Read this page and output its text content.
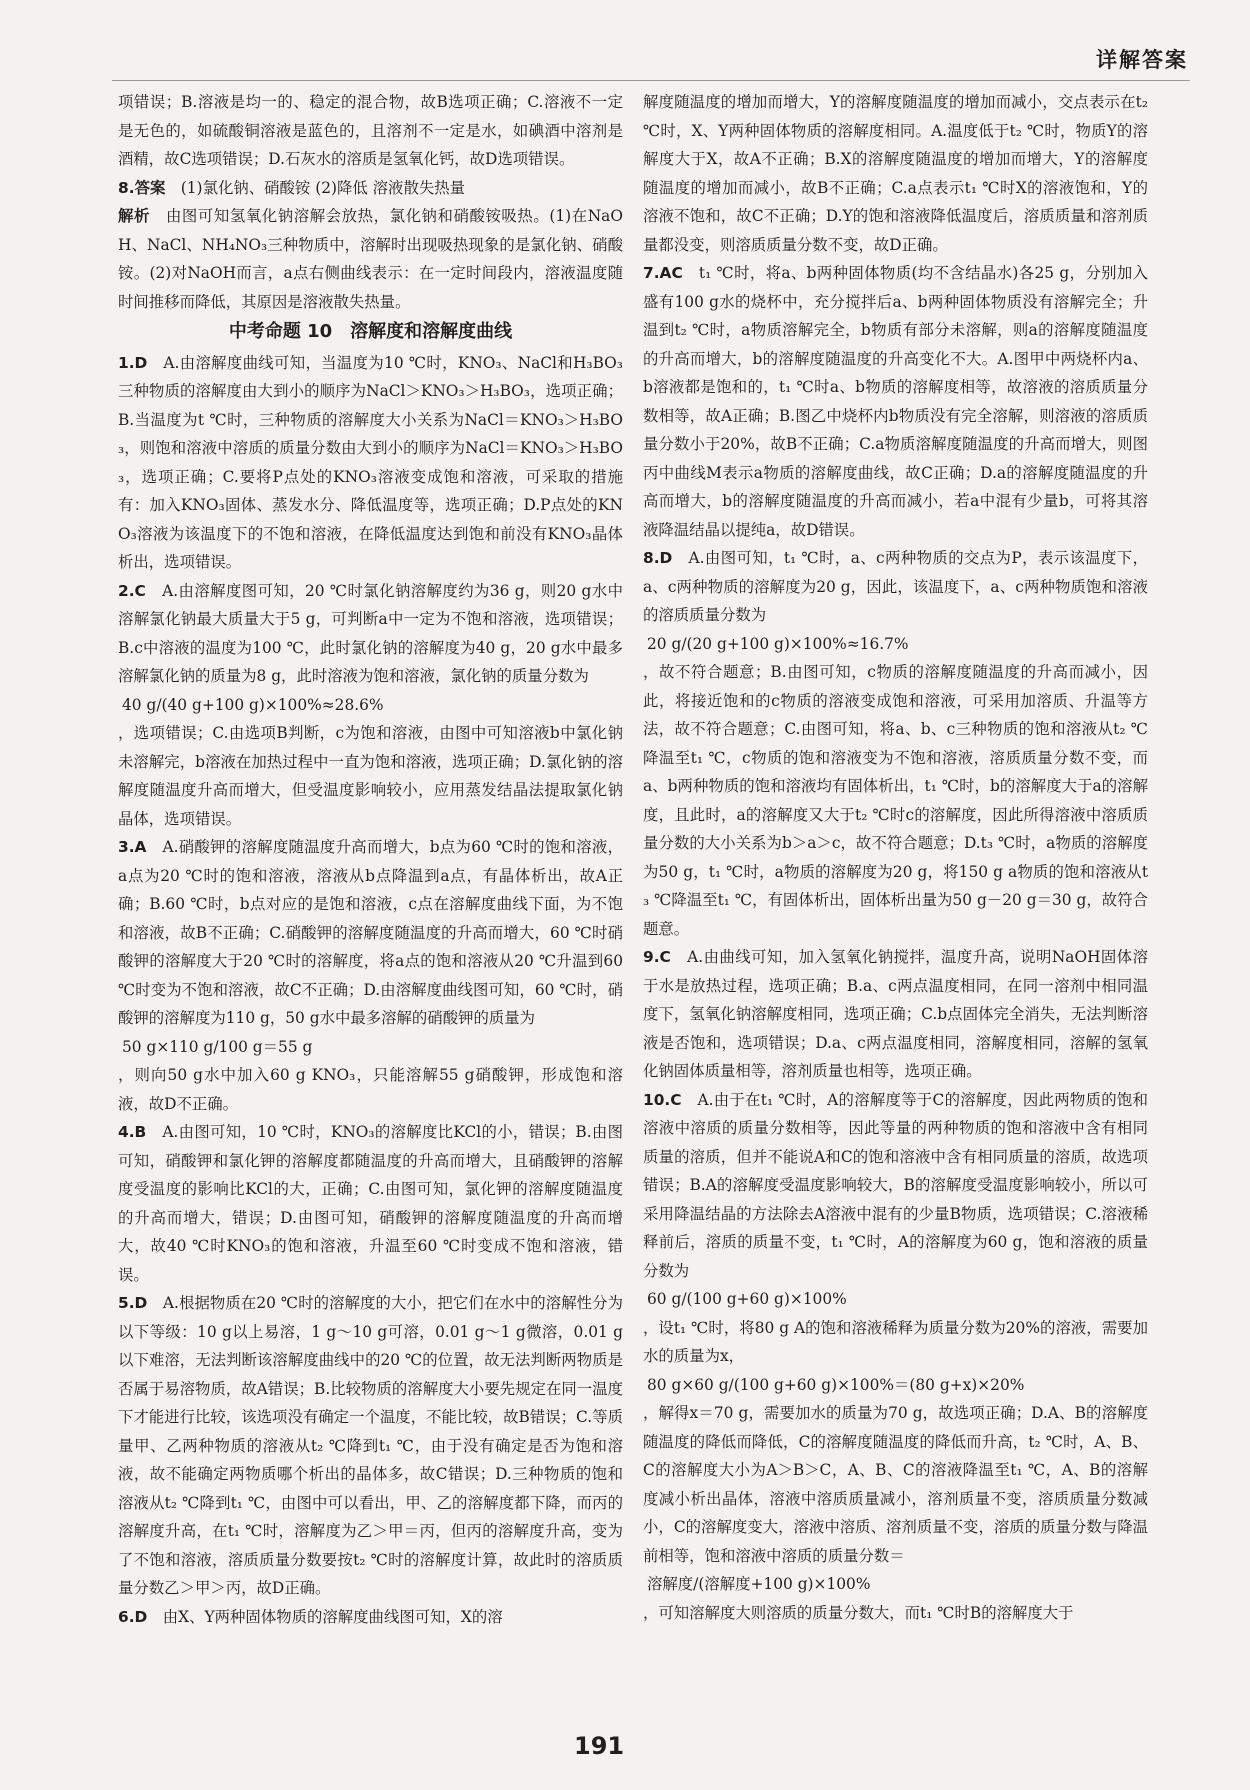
详解答案
项错误；B.溶液是均一的、稳定的混合物，故B选项正确；C.溶液不一定是无色的，如硫酸铜溶液是蓝色的，且溶剂不一定是水，如碘酒中溶剂是酒精，故C选项错误；D.石灰水的溶质是氢氧化钙，故D选项错误。
8.答案　 (1)氯化钠、硝酸铵 (2)降低 溶液散失热量
解析　 由图可知氢氧化钠溶解会放热，氯化钠和硝酸铵吸热。(1)在NaOH、NaCl、NH₄NO₃三种物质中，溶解时出现吸热现象的是氯化钠、硝酸铵。(2)对NaOH而言，a点右侧曲线表示：在一定时间段内，溶液温度随时间推移而降低，其原因是溶液散失热量。
中考命题 10　溶解度和溶解度曲线
1.D　 A.由溶解度曲线可知，当温度为10 ℃时，KNO₃、NaCl和H₃BO₃三种物质的溶解度由大到小的顺序为NaCl＞KNO₃＞H₃BO₃，选项正确；B.当温度为t ℃时，三种物质的溶解度大小关系为NaCl＝KNO₃＞H₃BO₃，则饱和溶液中溶质的质量分数由大到小的顺序为NaCl＝KNO₃＞H₃BO₃，选项正确；C.要将P点处的KNO₃溶液变成饱和溶液，可采取的措施有：加入KNO₃固体、蒸发水分、降低温度等，选项正确；D.P点处的KNO₃溶液为该温度下的不饱和溶液，在降低温度达到饱和前没有KNO₃晶体析出，选项错误。
2.C　 A.由溶解度图可知，20 ℃时氯化钠溶解度约为36 g，则20 g水中溶解氯化钠最大质量大于5 g，可判断a中一定为不饱和溶液，选项错误；B.c中溶液的温度为100 ℃，此时氯化钠的溶解度为40 g，20 g水中最多溶解氯化钠的质量为8 g，此时溶液为饱和溶液，氯化钠的质量分数为
40 g/(40 g+100 g)×100%≈28.6%
，选项错误；C.由选项B判断，c为饱和溶液，由图中可知溶液b中氯化钠未溶解完，b溶液在加热过程中一直为饱和溶液，选项正确；D.氯化钠的溶解度随温度升高而增大，但受温度影响较小，应用蒸发结晶法提取氯化钠晶体，选项错误。
3.A　 A.硝酸钾的溶解度随温度升高而增大，b点为60 ℃时的饱和溶液，a点为20 ℃时的饱和溶液，溶液从b点降温到a点，有晶体析出，故A正确；B.60 ℃时，b点对应的是饱和溶液，c点在溶解度曲线下面，为不饱和溶液，故B不正确；C.硝酸钾的溶解度随温度的升高而增大，60 ℃时硝酸钾的溶解度大于20 ℃时的溶解度，将a点的饱和溶液从20 ℃升温到60 ℃时变为不饱和溶液，故C不正确；D.由溶解度曲线图可知，60 ℃时，硝酸钾的溶解度为110 g，50 g水中最多溶解的硝酸钾的质量为
50 g×110 g/100 g＝55 g
，则向50 g水中加入60 g KNO₃，只能溶解55 g硝酸钾，形成饱和溶液，故D不正确。
4.B　 A.由图可知，10 ℃时，KNO₃的溶解度比KCl的小，错误；B.由图可知，硝酸钾和氯化钾的溶解度都随温度的升高而增大，且硝酸钾的溶解度受温度的影响比KCl的大，正确；C.由图可知，氯化钾的溶解度随温度的升高而增大，错误；D.由图可知，硝酸钾的溶解度随温度的升高而增大，故40 ℃时KNO₃的饱和溶液，升温至60 ℃时变成不饱和溶液，错误。
5.D　 A.根据物质在20 ℃时的溶解度的大小，把它们在水中的溶解性分为以下等级：10 g以上易溶，1 g～10 g可溶，0.01 g～1 g微溶，0.01 g以下难溶，无法判断该溶解度曲线中的20 ℃的位置，故无法判断两物质是否属于易溶物质，故A错误；B.比较物质的溶解度大小要先规定在同一温度下才能进行比较，该选项没有确定一个温度，不能比较，故B错误；C.等质量甲、乙两种物质的溶液从t₂ ℃降到t₁ ℃，由于没有确定是否为饱和溶液，故不能确定两物质哪个析出的晶体多，故C错误；D.三种物质的饱和溶液从t₂ ℃降到t₁ ℃，由图中可以看出，甲、乙的溶解度都下降，而丙的溶解度升高，在t₁ ℃时，溶解度为乙＞甲＝丙，但丙的溶解度升高，变为了不饱和溶液，溶质质量分数要按t₂ ℃时的溶解度计算，故此时的溶质质量分数乙＞甲＞丙，故D正确。
6.D　 由X、Y两种固体物质的溶解度曲线图可知，X的溶
解度随温度的增加而增大，Y的溶解度随温度的增加而减小，交点表示在t₂ ℃时，X、Y两种固体物质的溶解度相同。A.温度低于t₂ ℃时，物质Y的溶解度大于X，故A不正确；B.X的溶解度随温度的增加而增大，Y的溶解度随温度的增加而减小，故B不正确；C.a点表示t₁ ℃时X的溶液饱和，Y的溶液不饱和，故C不正确；D.Y的饱和溶液降低温度后，溶质质量和溶剂质量都没变，则溶质质量分数不变，故D正确。
7.AC　 t₁ ℃时，将a、b两种固体物质(均不含结晶水)各25 g，分别加入盛有100 g水的烧杯中，充分搅拌后a、b两种固体物质没有溶解完全；升温到t₂ ℃时，a物质溶解完全，b物质有部分未溶解，则a的溶解度随温度的升高而增大，b的溶解度随温度的升高变化不大。A.图甲中两烧杯内a、b溶液都是饱和的，t₁ ℃时a、b物质的溶解度相等，故溶液的溶质质量分数相等，故A正确；B.图乙中烧杯内b物质没有完全溶解，则溶液的溶质质量分数小于20%，故B不正确；C.a物质溶解度随温度的升高而增大，则图丙中曲线M表示a物质的溶解度曲线，故C正确；D.a的溶解度随温度的升高而增大，b的溶解度随温度的升高而减小，若a中混有少量b，可将其溶液降温结晶以提纯a，故D错误。
8.D　 A.由图可知，t₁ ℃时，a、c两种物质的交点为P，表示该温度下，a、c两种物质的溶解度为20 g，因此，该温度下，a、c两种物质饱和溶液的溶质质量分数为
20 g/(20 g+100 g)×100%≈16.7%
，故不符合题意；B.由图可知，c物质的溶解度随温度的升高而减小，因此，将接近饱和的c物质的溶液变成饱和溶液，可采用加溶质、升温等方法，故不符合题意；C.由图可知，将a、b、c三种物质的饱和溶液从t₂ ℃降温至t₁ ℃，c物质的饱和溶液变为不饱和溶液，溶质质量分数不变，而a、b两种物质的饱和溶液均有固体析出，t₁ ℃时，b的溶解度大于a的溶解度，且此时，a的溶解度又大于t₂ ℃时c的溶解度，因此所得溶液中溶质质量分数的大小关系为b＞a＞c，故不符合题意；D.t₃ ℃时，a物质的溶解度为50 g，t₁ ℃时，a物质的溶解度为20 g，将150 g a物质的饱和溶液从t₃ ℃降温至t₁ ℃，有固体析出，固体析出量为50 g－20 g＝30 g，故符合题意。
9.C　 A.由曲线可知，加入氢氧化钠搅拌，温度升高，说明NaOH固体溶于水是放热过程，选项正确；B.a、c两点温度相同，在同一溶剂中相同温度下，氢氧化钠溶解度相同，选项正确；C.b点固体完全消失，无法判断溶液是否饱和，选项错误；D.a、c两点温度相同，溶解度相同，溶解的氢氧化钠固体质量相等，溶剂质量也相等，选项正确。
10.C　 A.由于在t₁ ℃时，A的溶解度等于C的溶解度，因此两物质的饱和溶液中溶质的质量分数相等，因此等量的两种物质的饱和溶液中含有相同质量的溶质，但并不能说A和C的饱和溶液中含有相同质量的溶质，故选项错误；B.A的溶解度受温度影响较大，B的溶解度受温度影响较小，所以可采用降温结晶的方法除去A溶液中混有的少量B物质，选项错误；C.溶液稀释前后，溶质的质量不变，t₁ ℃时，A的溶解度为60 g，饱和溶液的质量分数为
60 g/(100 g+60 g)×100%
，设t₁ ℃时，将80 g A的饱和溶液稀释为质量分数为20%的溶液，需要加水的质量为x，
80 g×60 g/(100 g+60 g)×100%＝(80 g+x)×20%
，解得x＝70 g，需要加水的质量为70 g，故选项正确；D.A、B的溶解度随温度的降低而降低，C的溶解度随温度的降低而升高，t₂ ℃时，A、B、C的溶解度大小为A＞B＞C，A、B、C的溶液降温至t₁ ℃，A、B的溶解度减小析出晶体，溶液中溶质质量减小，溶剂质量不变，溶质质量分数减小，C的溶解度变大，溶液中溶质、溶剂质量不变，溶质的质量分数与降温前相等，饱和溶液中溶质的质量分数＝
溶解度/(溶解度+100 g)×100%
，可知溶解度大则溶质的质量分数大，而t₁ ℃时B的溶解度大于
191
